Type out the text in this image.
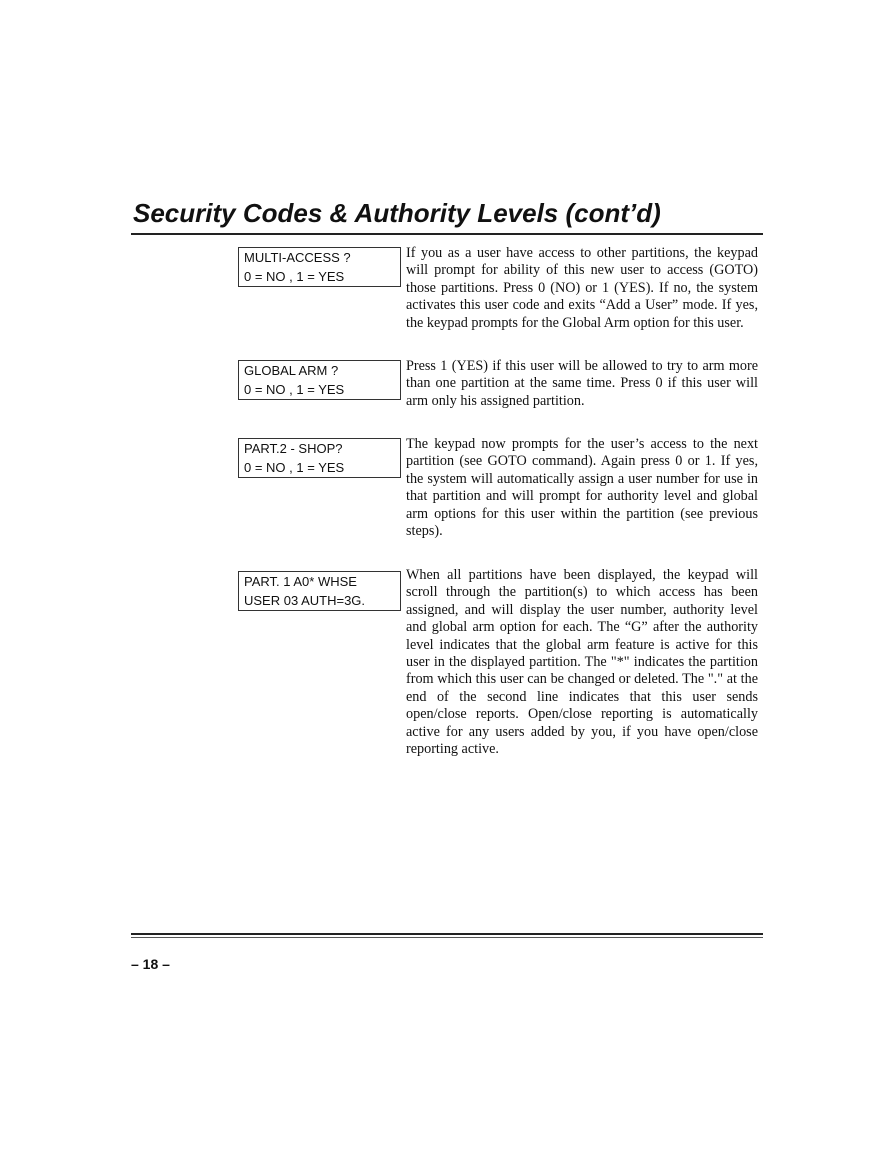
Security Codes & Authority Levels (cont’d)
MULTI-ACCESS ?
0 = NO , 1 = YES
If you as a user have access to other partitions, the keypad will prompt for ability of this new user to access (GOTO) those partitions. Press 0 (NO) or 1 (YES). If no, the system activates this user code and exits “Add a User” mode. If yes, the keypad prompts for the Global Arm option for this user.
GLOBAL ARM ?
0 = NO , 1 = YES
Press 1 (YES) if this user will be allowed to try to arm more than one partition at the same time. Press 0 if this user will arm only his assigned partition.
PART.2 - SHOP?
0 = NO , 1 = YES
The keypad now prompts for the user’s access to the next partition (see GOTO command). Again press 0 or 1. If yes, the system will automatically assign a user number for use in that partition and will prompt for authority level and global arm options for this user within the partition (see previous steps).
PART. 1 A0* WHSE
USER 03 AUTH=3G.
When all partitions have been displayed, the keypad will scroll through the partition(s) to which access has been assigned, and will display the user number, authority level and global arm option for each. The “G” after the authority level indicates that the global arm feature is active for this user in the displayed partition. The "*" indicates the partition from which this user can be changed or deleted. The "." at the end of the second line indicates that this user sends open/close reports. Open/close reporting is automatically active for any users added by you, if you have open/close reporting active.
– 18 –
